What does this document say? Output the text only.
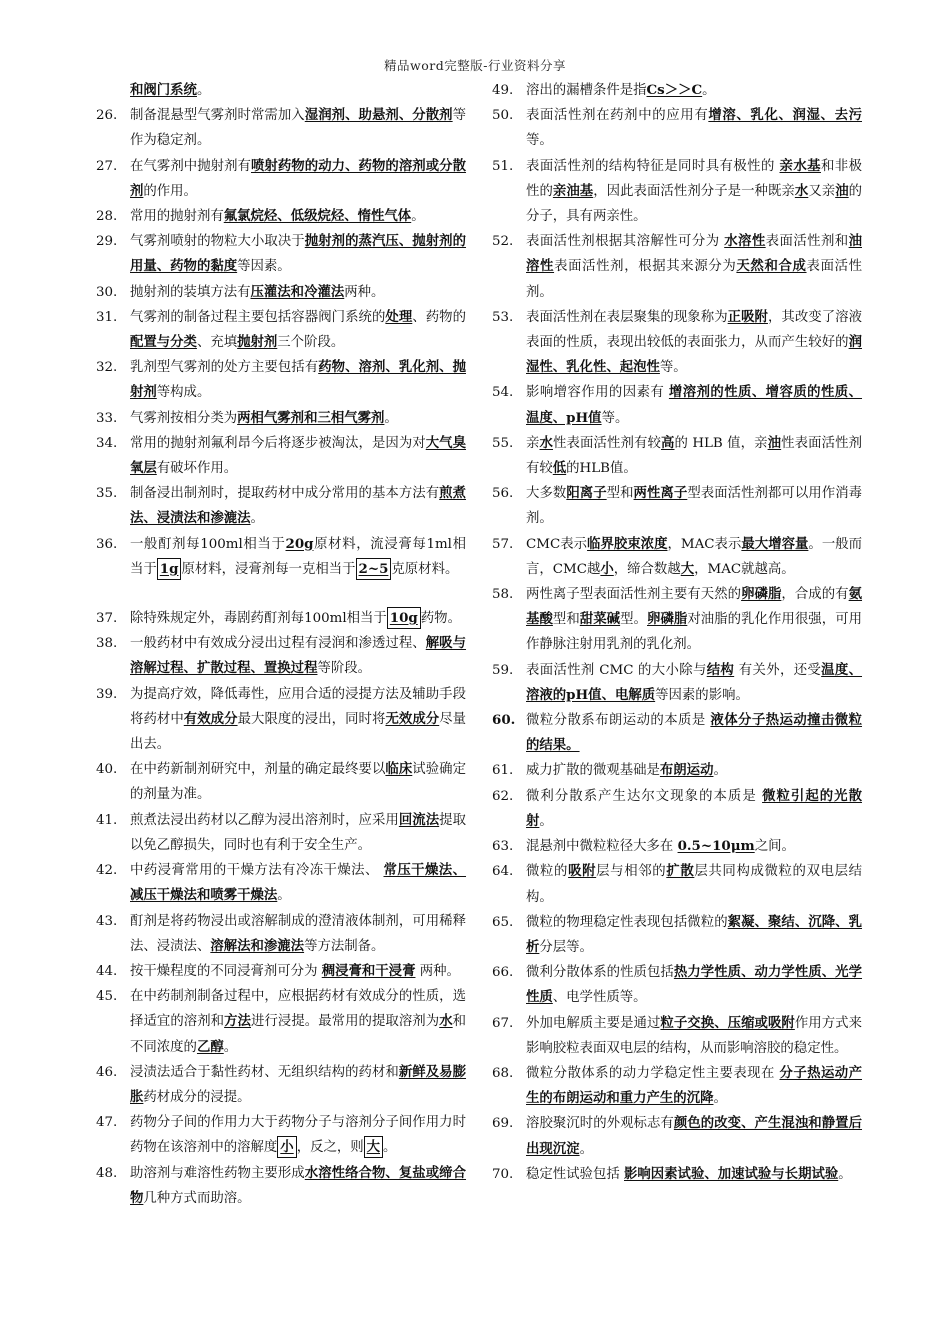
精品word完整版-行业资料分享
和阀门系统。
26. 制备混悬型气雾剂时常需加入湿润剂、助悬剂、分散剂等作为稳定剂。
27. 在气雾剂中抛射剂有喷射药物的动力、药物的溶剂或分散剂的作用。
28. 常用的抛射剂有氟氯烷烃、低级烷烃、惰性气体。
29. 气雾剂喷射的物粒大小取决于抛射剂的蒸汽压、抛射剂的用量、药物的黏度等因素。
30. 抛射剂的装填方法有压灌法和冷灌法两种。
31. 气雾剂的制备过程主要包括容器阀门系统的处理、药物的配置与分类、充填抛射剂三个阶段。
32. 乳剂型气雾剂的处方主要包括有药物、溶剂、乳化剂、抛射剂等构成。
33. 气雾剂按相分类为两相气雾剂和三相气雾剂。
34. 常用的抛射剂氟利昂今后将逐步被淘汰，是因为对大气臭氧层有破坏作用。
35. 制备浸出制剂时，提取药材中成分常用的基本方法有煎煮法、浸渍法和渗漉法。
36. 一般酊剂每100ml相当于20g原材料，流浸膏每1ml相当于 1g 原材料，浸膏剂每一克相当于 2~5 克原材料。
37. 除特殊规定外，毒剧药酊剂每100ml相当于 10g 药物。
38. 一般药材中有效成分浸出过程有浸润和渗透过程、解吸与溶解过程、扩散过程、置换过程等阶段。
39. 为提高疗效，降低毒性，应用合适的浸提方法及辅助手段将药材中有效成分最大限度的浸出，同时将无效成分尽量出去。
40. 在中药新制剂研究中，剂量的确定最终要以临床试验确定的剂量为准。
41. 煎煮法浸出药材以乙醇为浸出溶剂时，应采用回流法提取以免乙醇损失，同时也有利于安全生产。
42. 中药浸膏常用的干燥方法有冷冻干燥法、 常压干燥法、减压干燥法和喷雾干燥法。
43. 酊剂是将药物浸出或溶解制成的澄清液体制剂，可用稀释法、浸渍法、溶解法和渗漉法等方法制备。
44. 按干燥程度的不同浸膏剂可分为 稠浸膏和干浸膏 两种。
45. 在中药制剂制备过程中，应根据药材有效成分的性质，选择适宜的溶剂和方法进行浸提。最常用的提取溶剂为水和不同浓度的乙醇。
46. 浸渍法适合于黏性药材、无组织结构的药材和新鲜及易膨胀药材成分的浸提。
47. 药物分子间的作用力大于药物分子与溶剂分子间作用力时药物在该溶剂中的溶解度 小 ，反之，则 大 。
48. 助溶剂与难溶性药物主要形成水溶性络合物、复盐或缔合物几种方式而助溶。
49. 溶出的漏槽条件是指Cs＞＞C。
50. 表面活性剂在药剂中的应用有增溶、乳化、润湿、去污等。
51. 表面活性剂的结构特征是同时具有极性的 亲水基和非极性的亲油基，因此表面活性剂分子是一种既亲水又亲油的分子，具有两亲性。
52. 表面活性剂根据其溶解性可分为 水溶性表面活性剂和油溶性表面活性剂，根据其来源分为天然和合成表面活性剂。
53. 表面活性剂在表层聚集的现象称为正吸附，其改变了溶液表面的性质，表现出较低的表面张力，从而产生较好的润湿性、乳化性、起泡性等。
54. 影响增容作用的因素有 增溶剂的性质、增容质的性质、温度、pH值等。
55. 亲水性表面活性剂有较高的 HLB 值，亲油性表面活性剂有较低的HLB值。
56. 大多数阳离子型和两性离子型表面活性剂都可以用作消毒剂。
57. CMC表示临界胶束浓度，MAC表示最大增容量。一般而言，CMC越小，缔合数越大，MAC就越高。
58. 两性离子型表面活性剂主要有天然的卵磷脂，合成的有氨基酸型和甜菜碱型。卵磷脂对油脂的乳化作用很强，可用作静脉注射用乳剂的乳化剂。
59. 表面活性剂 CMC 的大小除与结构 有关外，还受温度、溶液的pH值、电解质等因素的影响。
60. 微粒分散系布朗运动的本质是 液体分子热运动撞击微粒的结果。
61. 威力扩散的微观基础是布朗运动。
62. 微利分散系产生达尔文现象的本质是 微粒引起的光散射。
63. 混悬剂中微粒粒径大多在 0.5~10μm之间。
64. 微粒的吸附层与相邻的扩散层共同构成微粒的双电层结构。
65. 微粒的物理稳定性表现包括微粒的絮凝、聚结、沉降、乳析分层等。
66. 微利分散体系的性质包括热力学性质、动力学性质、光学性质、电学性质等。
67. 外加电解质主要是通过粒子交换、压缩或吸附作用方式来影响胶粒表面双电层的结构，从而影响溶胶的稳定性。
68. 微粒分散体系的动力学稳定性主要表现在 分子热运动产生的布朗运动和重力产生的沉降。
69. 溶胶聚沉时的外观标志有颜色的改变、产生混浊和静置后出现沉淀。
70. 稳定性试验包括 影响因素试验、加速试验与长期试验。
